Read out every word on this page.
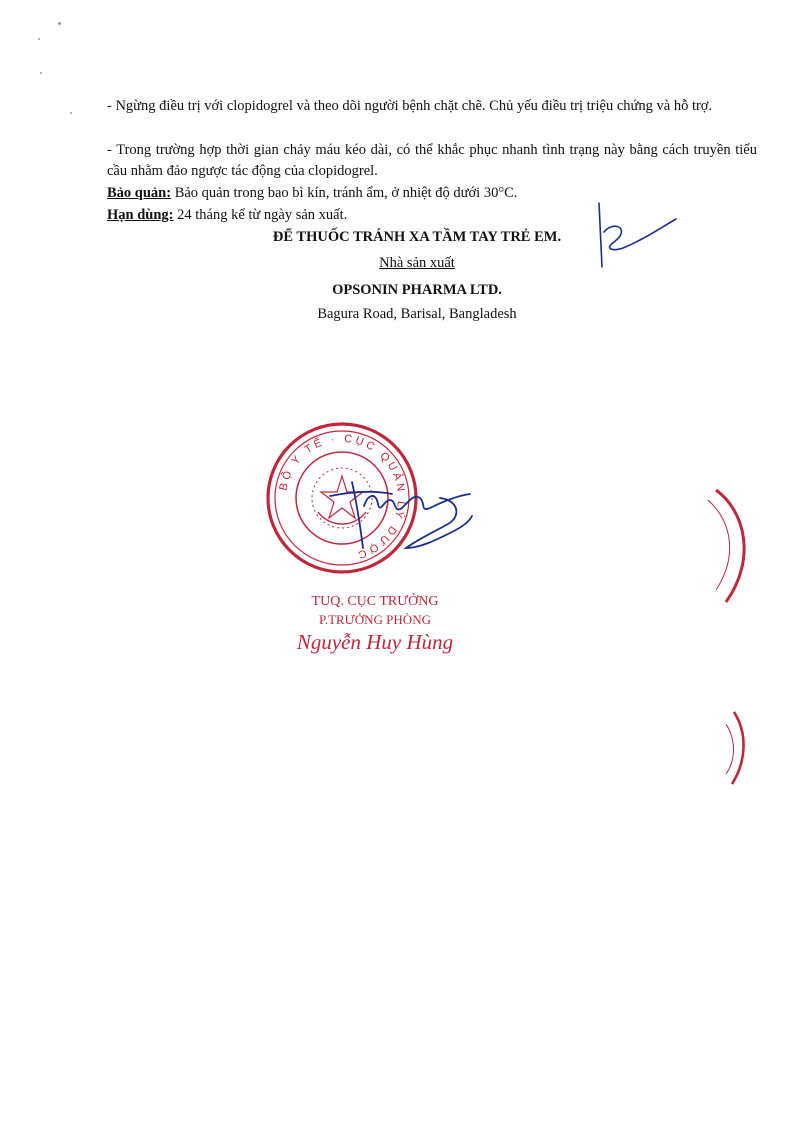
- Ngừng điều trị với clopidogrel và theo dõi người bệnh chặt chẽ. Chủ yếu điều trị triệu chứng và hỗ trợ.
- Trong trường hợp thời gian chảy máu kéo dài, có thể khắc phục nhanh tình trạng này bằng cách truyền tiểu cầu nhằm đảo ngược tác động của clopidogrel.
Bảo quản: Bảo quản trong bao bì kín, tránh ẩm, ở nhiệt độ dưới 30°C.
Hạn dùng: 24 tháng kể từ ngày sản xuất.
ĐỂ THUỐC TRÁNH XA TẦM TAY TRẺ EM.
Nhà sản xuất
OPSONIN PHARMA LTD.
Bagura Road, Barisal, Bangladesh
BỘ Y TẾ · CỤC QUẢN LÝ DƯỢC
TUQ. CỤC TRƯỞNG
P.TRƯỞNG PHÒNG
Nguyễn Huy Hùng
